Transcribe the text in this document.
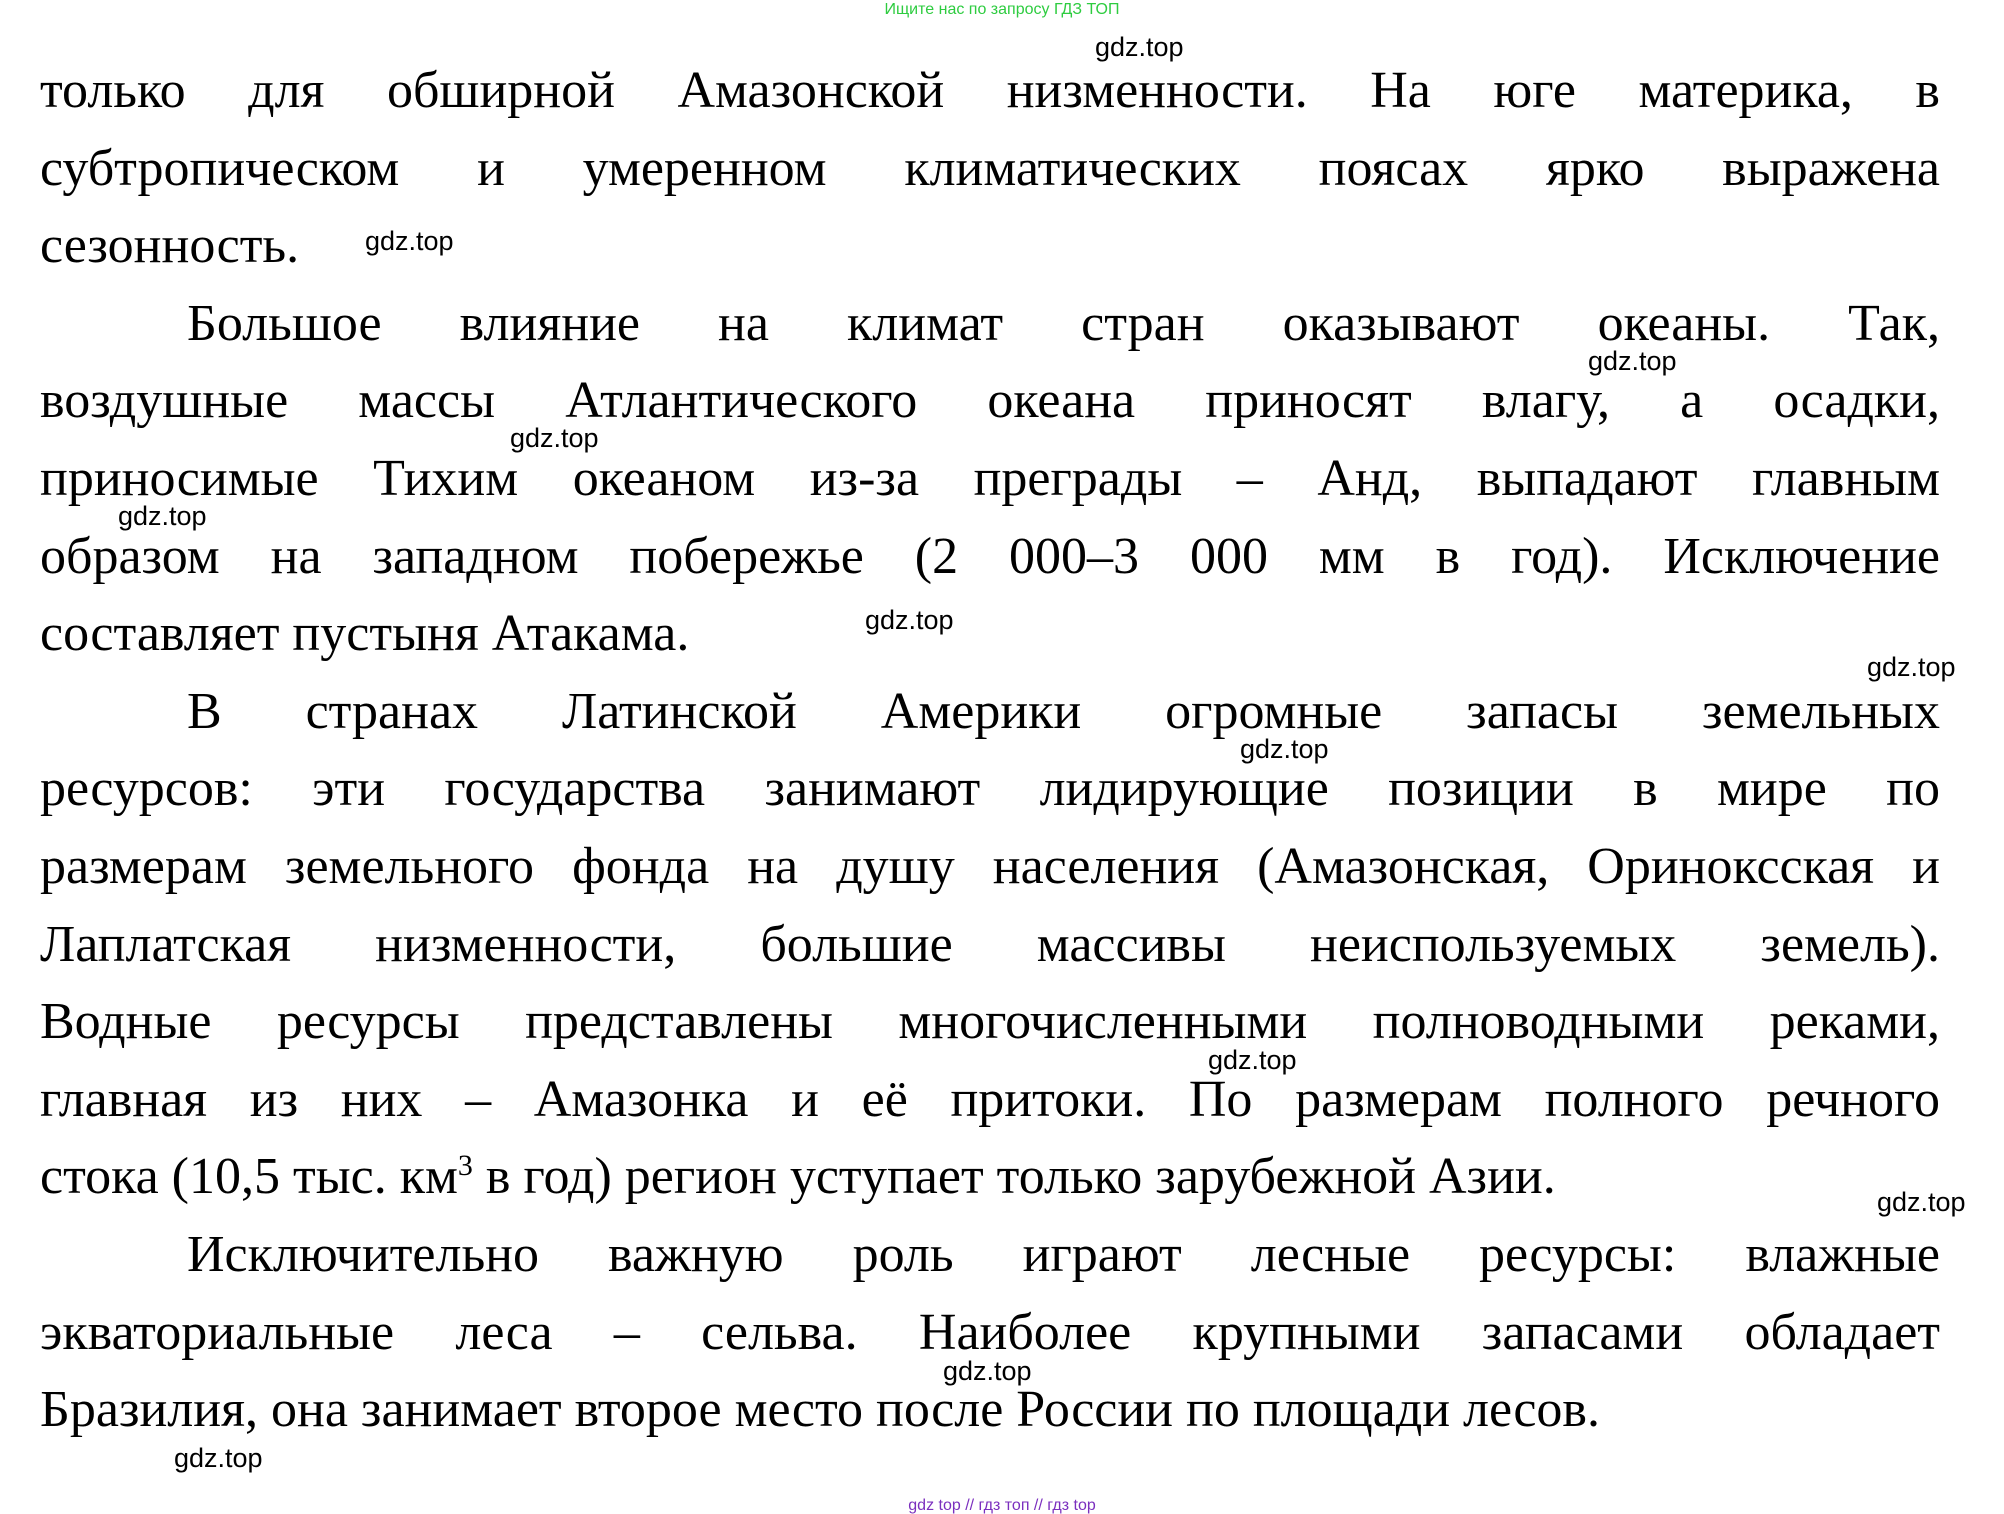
Ищите нас по запросу ГДЗ ТОП
только для обширной Амазонской низменности. На юге материка, в
субтропическом и умеренном климатических поясах ярко выражена
сезонность.
Большое влияние на климат стран оказывают океаны. Так,
воздушные массы Атлантического океана приносят влагу, а осадки,
приносимые Тихим океаном из-за преграды – Анд, выпадают главным
образом на западном побережье (2 000–3 000 мм в год). Исключение
составляет пустыня Атакама.
В странах Латинской Америки огромные запасы земельных
ресурсов: эти государства занимают лидирующие позиции в мире по
размерам земельного фонда на душу населения (Амазонская, Ориноксская и
Лаплатская низменности, большие массивы неиспользуемых земель).
Водные ресурсы представлены многочисленными полноводными реками,
главная из них – Амазонка и её притоки. По размерам полного речного
стока (10,5 тыс. $км^3$ в год) регион уступает только зарубежной Азии.
Исключительно важную роль играют лесные ресурсы: влажные
экваториальные леса – сельва. Наиболее крупными запасами обладает
Бразилия, она занимает второе место после России по площади лесов.
gdz.top
gdz.top
gdz.top
gdz.top
gdz.top
gdz.top
gdz.top
gdz.top
gdz.top
gdz.top
gdz.top
gdz.top
gdz top // гдз топ // гдз top
